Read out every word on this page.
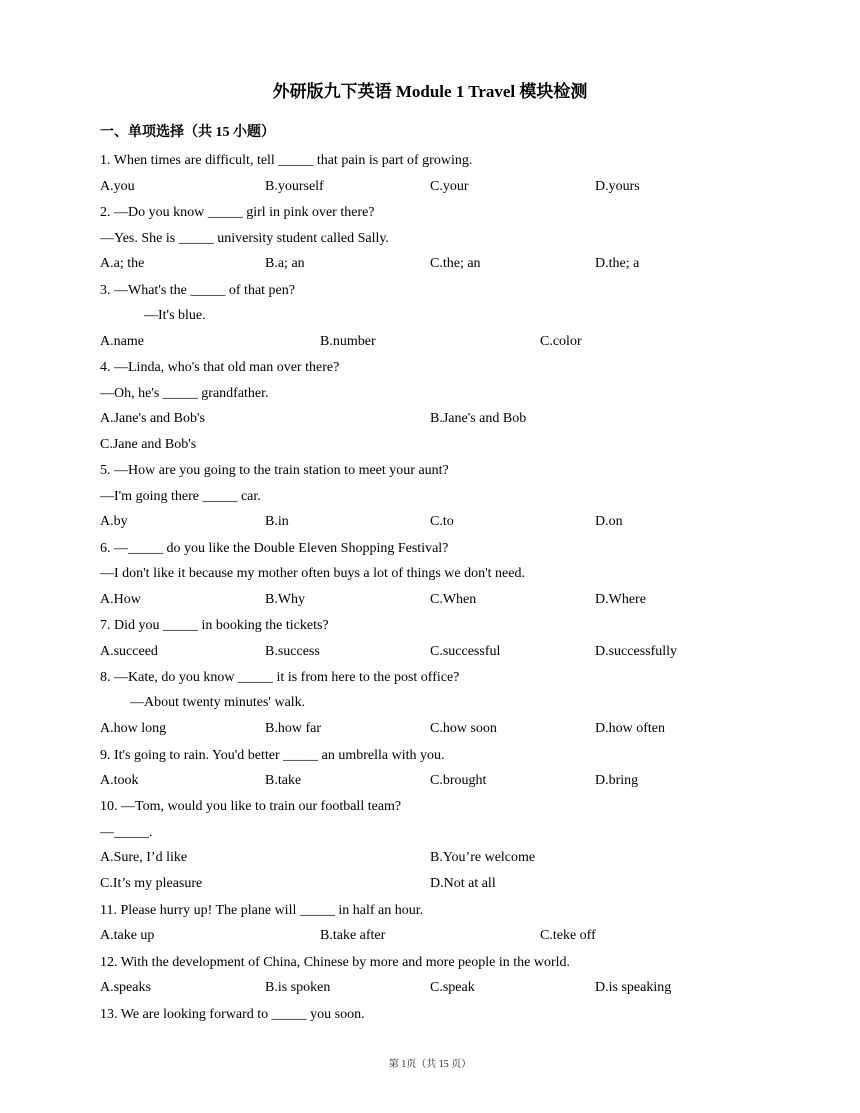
外研版九下英语 Module 1 Travel 模块检测
一、单项选择（共 15 小题）
1. When times are difficult, tell _____ that pain is part of growing.
A.you	B.yourself	C.your	D.yours
2. —Do you know _____ girl in pink over there?
—Yes. She is _____ university student called Sally.
A.a; the	B.a; an	C.the; an	D.the; a
3. —What's the _____ of that pen?
—It's blue.
A.name	B.number	C.color
4. —Linda, who's that old man over there?
—Oh, he's _____ grandfather.
A.Jane's and Bob's	B.Jane's and Bob
C.Jane and Bob's
5. —How are you going to the train station to meet your aunt?
—I'm going there _____ car.
A.by	B.in	C.to	D.on
6. —_____ do you like the Double Eleven Shopping Festival?
—I don't like it because my mother often buys a lot of things we don't need.
A.How	B.Why	C.When	D.Where
7. Did you _____ in booking the tickets?
A.succeed	B.success	C.successful	D.successfully
8. —Kate, do you know _____ it is from here to the post office?
—About twenty minutes' walk.
A.how long	B.how far	C.how soon	D.how often
9. It's going to rain. You'd better _____ an umbrella with you.
A.took	B.take	C.brought	D.bring
10. —Tom, would you like to train our football team?
—_____.
A.Sure, I’d like	B.You’re welcome
C.It’s my pleasure	D.Not at all
11. Please hurry up! The plane will _____ in half an hour.
A.take up	B.take after	C.teke off
12. With the development of China, Chinese by more and more people in the world.
A.speaks	B.is spoken	C.speak	D.is speaking
13. We are looking forward to _____ you soon.
第 1页（共 15 页）
